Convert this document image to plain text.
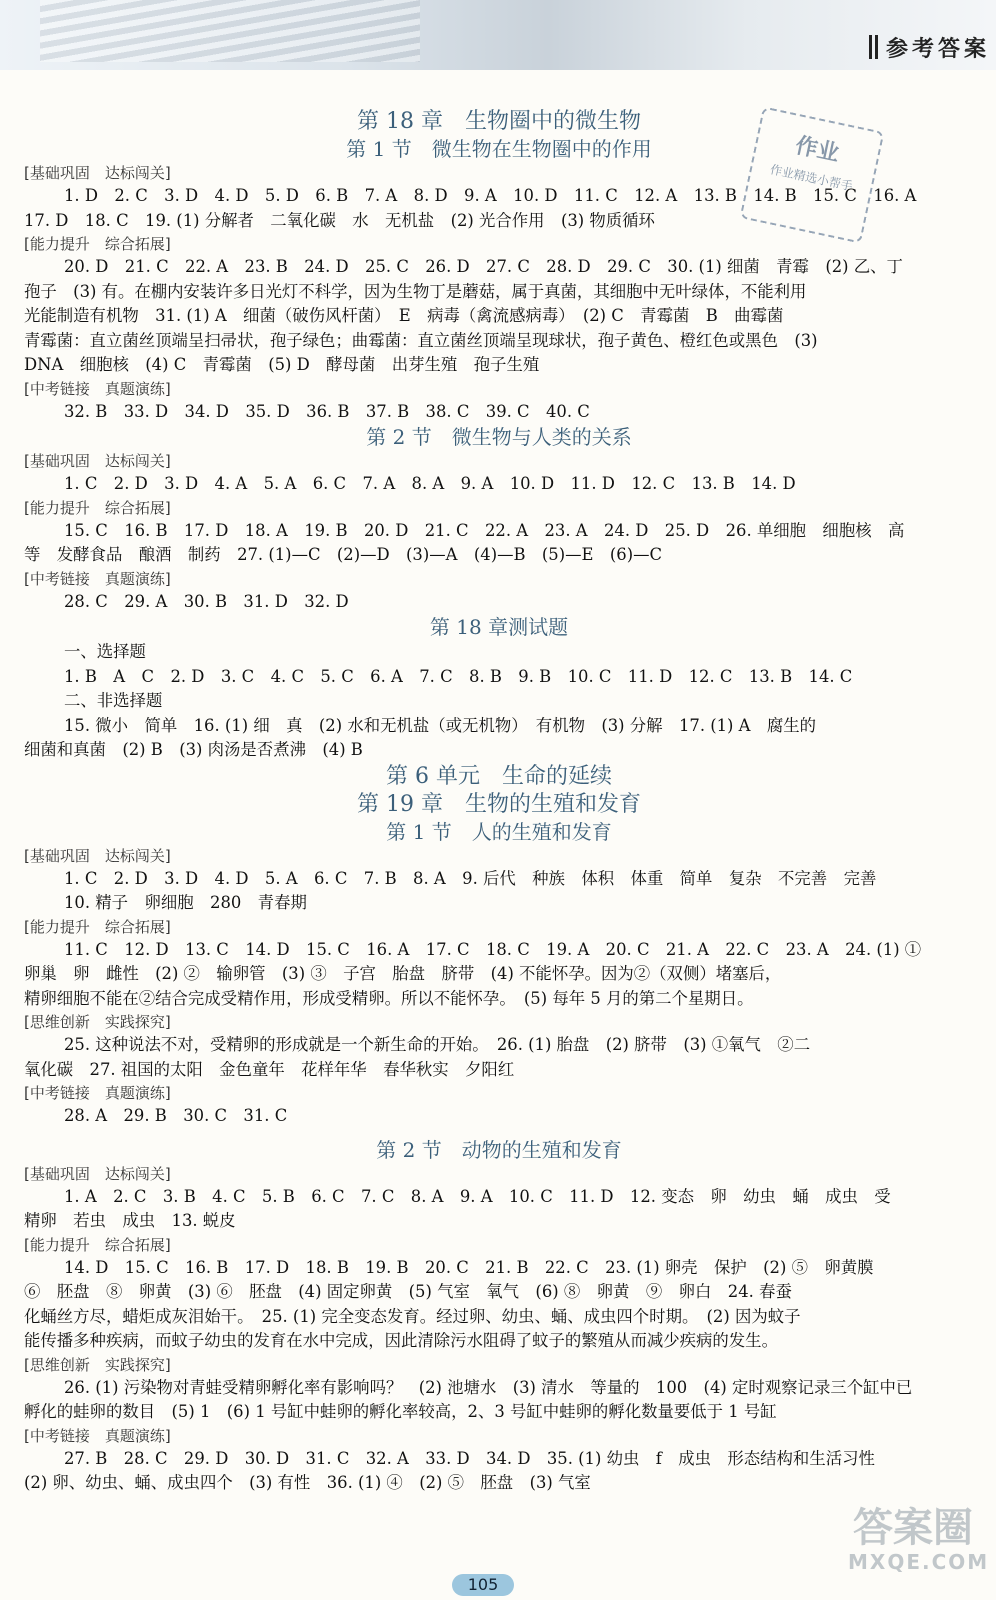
参考答案
作业
作业精选小帮手
第 18 章　生物圈中的微生物
第 1 节　微生物在生物圈中的作用
[基础巩固　达标闯关]
1. D　2. C　3. D　4. D　5. D　6. B　7. A　8. D　9. A　10. D　11. C　12. A　13. B　14. B　15. C　16. A
17. D　18. C　19. (1) 分解者　二氧化碳　水　无机盐　(2) 光合作用　(3) 物质循环
[能力提升　综合拓展]
20. D　21. C　22. A　23. B　24. D　25. C　26. D　27. C　28. D　29. C　30. (1) 细菌　青霉　(2) 乙、丁
孢子　(3) 有。在棚内安装许多日光灯不科学，因为生物丁是蘑菇，属于真菌，其细胞中无叶绿体，不能利用
光能制造有机物　31. (1) A　细菌（破伤风杆菌）　E　病毒（禽流感病毒）　(2) C　青霉菌　B　曲霉菌
青霉菌：直立菌丝顶端呈扫帚状，孢子绿色；曲霉菌：直立菌丝顶端呈现球状，孢子黄色、橙红色或黑色　(3)
DNA　细胞核　(4) C　青霉菌　(5) D　酵母菌　出芽生殖　孢子生殖
[中考链接　真题演练]
32. B　33. D　34. D　35. D　36. B　37. B　38. C　39. C　40. C
第 2 节　微生物与人类的关系
[基础巩固　达标闯关]
1. C　2. D　3. D　4. A　5. A　6. C　7. A　8. A　9. A　10. D　11. D　12. C　13. B　14. D
[能力提升　综合拓展]
15. C　16. B　17. D　18. A　19. B　20. D　21. C　22. A　23. A　24. D　25. D　26. 单细胞　细胞核　高
等　发酵食品　酿酒　制药　27. (1)—C　(2)—D　(3)—A　(4)—B　(5)—E　(6)—C
[中考链接　真题演练]
28. C　29. A　30. B　31. D　32. D
第 18 章测试题
一、选择题
1. B　A　C　2. D　3. C　4. C　5. C　6. A　7. C　8. B　9. B　10. C　11. D　12. C　13. B　14. C
二、非选择题
15. 微小　简单　16. (1) 细　真　(2) 水和无机盐（或无机物）　有机物　(3) 分解　17. (1) A　腐生的
细菌和真菌　(2) B　(3) 肉汤是否煮沸　(4) B
第 6 单元　生命的延续
第 19 章　生物的生殖和发育
第 1 节　人的生殖和发育
[基础巩固　达标闯关]
1. C　2. D　3. D　4. D　5. A　6. C　7. B　8. A　9. 后代　种族　体积　体重　简单　复杂　不完善　完善
10. 精子　卵细胞　280　青春期
[能力提升　综合拓展]
11. C　12. D　13. C　14. D　15. C　16. A　17. C　18. C　19. A　20. C　21. A　22. C　23. A　24. (1) ①
卵巢　卵　雌性　(2) ②　输卵管　(3) ③　子宫　胎盘　脐带　(4) 不能怀孕。因为②（双侧）堵塞后，
精卵细胞不能在②结合完成受精作用，形成受精卵。所以不能怀孕。　(5) 每年 5 月的第二个星期日。
[思维创新　实践探究]
25. 这种说法不对，受精卵的形成就是一个新生命的开始。　26. (1) 胎盘　(2) 脐带　(3) ①氧气　②二
氧化碳　27. 祖国的太阳　金色童年　花样年华　春华秋实　夕阳红
[中考链接　真题演练]
28. A　29. B　30. C　31. C
第 2 节　动物的生殖和发育
[基础巩固　达标闯关]
1. A　2. C　3. B　4. C　5. B　6. C　7. C　8. A　9. A　10. C　11. D　12. 变态　卵　幼虫　蛹　成虫　受
精卵　若虫　成虫　13. 蜕皮
[能力提升　综合拓展]
14. D　15. C　16. B　17. D　18. B　19. B　20. C　21. B　22. C　23. (1) 卵壳　保护　(2) ⑤　卵黄膜
⑥　胚盘　⑧　卵黄　(3) ⑥　胚盘　(4) 固定卵黄　(5) 气室　氧气　(6) ⑧　卵黄　⑨　卵白　24. 春蚕
化蛹丝方尽，蜡炬成灰泪始干。　25. (1) 完全变态发育。经过卵、幼虫、蛹、成虫四个时期。　(2) 因为蚊子
能传播多种疾病，而蚊子幼虫的发育在水中完成，因此清除污水阻碍了蚊子的繁殖从而减少疾病的发生。
[思维创新　实践探究]
26. (1) 污染物对青蛙受精卵孵化率有影响吗？　(2) 池塘水　(3) 清水　等量的　100　(4) 定时观察记录三个缸中已
孵化的蛙卵的数目　(5) 1　(6) 1 号缸中蛙卵的孵化率较高，2、3 号缸中蛙卵的孵化数量要低于 1 号缸
[中考链接　真题演练]
27. B　28. C　29. D　30. D　31. C　32. A　33. D　34. D　35. (1) 幼虫　f　成虫　形态结构和生活习性
(2) 卵、幼虫、蛹、成虫四个　(3) 有性　36. (1) ④　(2) ⑤　胚盘　(3) 气室
105
答案圈
MXQE.COM
